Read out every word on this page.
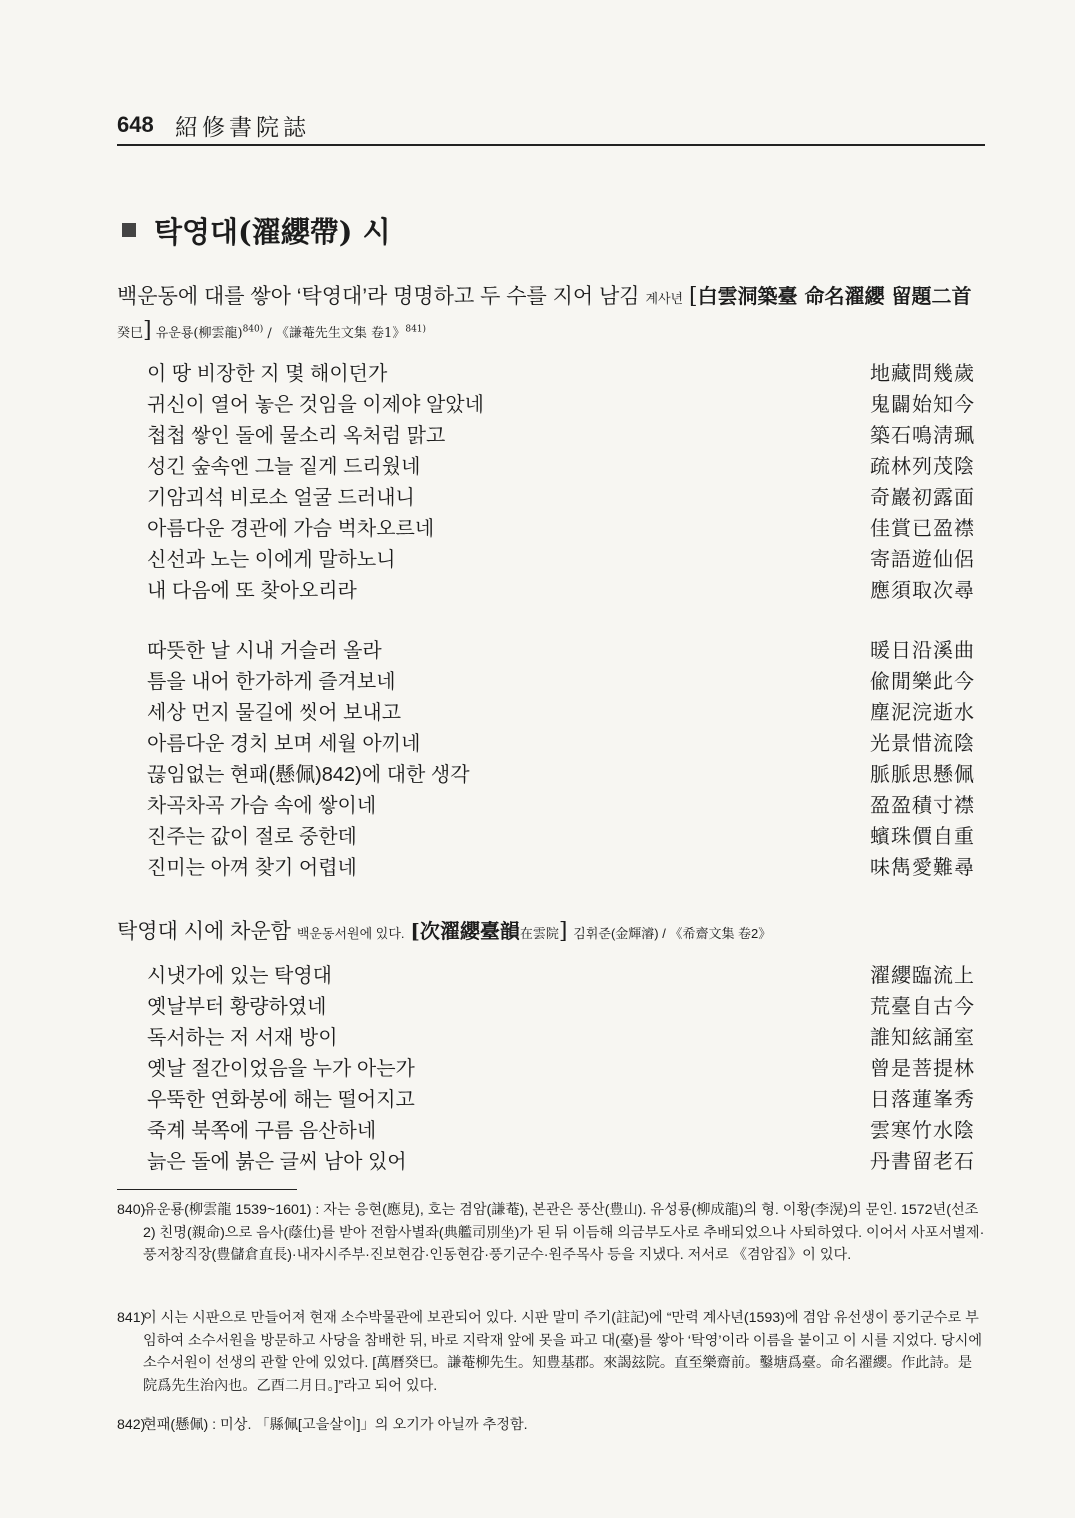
648 紹修書院誌
탁영대(濯纓帶) 시
백운동에 대를 쌓아 ‘탁영대’라 명명하고 두 수를 지어 남김 계사년 [白雲洞築臺 命名濯纓 留題二首
癸巳] 유운룡(柳雲龍)$^{840)}$ / 《謙菴先生文集 卷1》$^{841)}$
이 땅 비장한 지 몇 해이던가	地藏問幾歲
귀신이 열어 놓은 것임을 이제야 알았네	鬼闢始知今
첩첩 쌓인 돌에 물소리 옥처럼 맑고	築石鳴淸珮
성긴 숲속엔 그늘 짙게 드리웠네	疏林列茂陰
기암괴석 비로소 얼굴 드러내니	奇巖初露面
아름다운 경관에 가슴 벅차오르네	佳賞已盈襟
신선과 노는 이에게 말하노니	寄語遊仙侶
내 다음에 또 찾아오리라	應須取次尋
따뜻한 날 시내 거슬러 올라	暖日沿溪曲
틈을 내어 한가하게 즐겨보네	偸閒樂此今
세상 먼지 물길에 씻어 보내고	塵泥浣逝水
아름다운 경치 보며 세월 아끼네	光景惜流陰
끊임없는 현패(懸佩)842)에 대한 생각	脈脈思懸佩
차곡차곡 가슴 속에 쌓이네	盈盈積寸襟
진주는 값이 절로 중한데	蠙珠價自重
진미는 아껴 찾기 어렵네	味雋愛難尋
탁영대 시에 차운함 백운동서원에 있다. [次濯纓臺韻在雲院] 김휘준(金輝濬) / 《希齋文集 卷2》
시냇가에 있는 탁영대	濯纓臨流上
옛날부터 황량하였네	荒臺自古今
독서하는 저 서재 방이	誰知絃誦室
옛날 절간이었음을 누가 아는가	曾是菩提林
우뚝한 연화봉에 해는 떨어지고	日落蓮峯秀
죽계 북쪽에 구름 음산하네	雲寒竹水陰
늙은 돌에 붉은 글씨 남아 있어	丹書留老石
840)
유운룡(柳雲龍 1539~1601) : 자는 응현(應見), 호는 겸암(謙菴), 본관은 풍산(豊山). 유성룡(柳成龍)의 형. 이황(李滉)의 문인. 1572년(선조2) 친명(親命)으로 음사(蔭仕)를 받아 전함사별좌(典艦司別坐)가 된 뒤 이듬해 의금부도사로 추배되었으나 사퇴하였다. 이어서 사포서별제·풍저창직장(豊儲倉直長)·내자시주부·진보현감·인동현감·풍기군수·원주목사 등을 지냈다. 저서로 《겸암집》이 있다.
841)
이 시는 시판으로 만들어져 현재 소수박물관에 보관되어 있다. 시판 말미 주기(註記)에 “만력 계사년(1593)에 겸암 유선생이 풍기군수로 부임하여 소수서원을 방문하고 사당을 참배한 뒤, 바로 지락재 앞에 못을 파고 대(臺)를 쌓아 ‘탁영’이라 이름을 붙이고 이 시를 지었다. 당시에 소수서원이 선생의 관할 안에 있었다. [萬曆癸巳。謙菴柳先生。知豊基郡。來謁玆院。直至樂齋前。鑿塘爲臺。命名濯纓。作此詩。是院爲先生治內也。乙酉二月日。]”라고 되어 있다.
842)
현패(懸佩) : 미상. 「縣佩[고을살이]」의 오기가 아닐까 추정함.
